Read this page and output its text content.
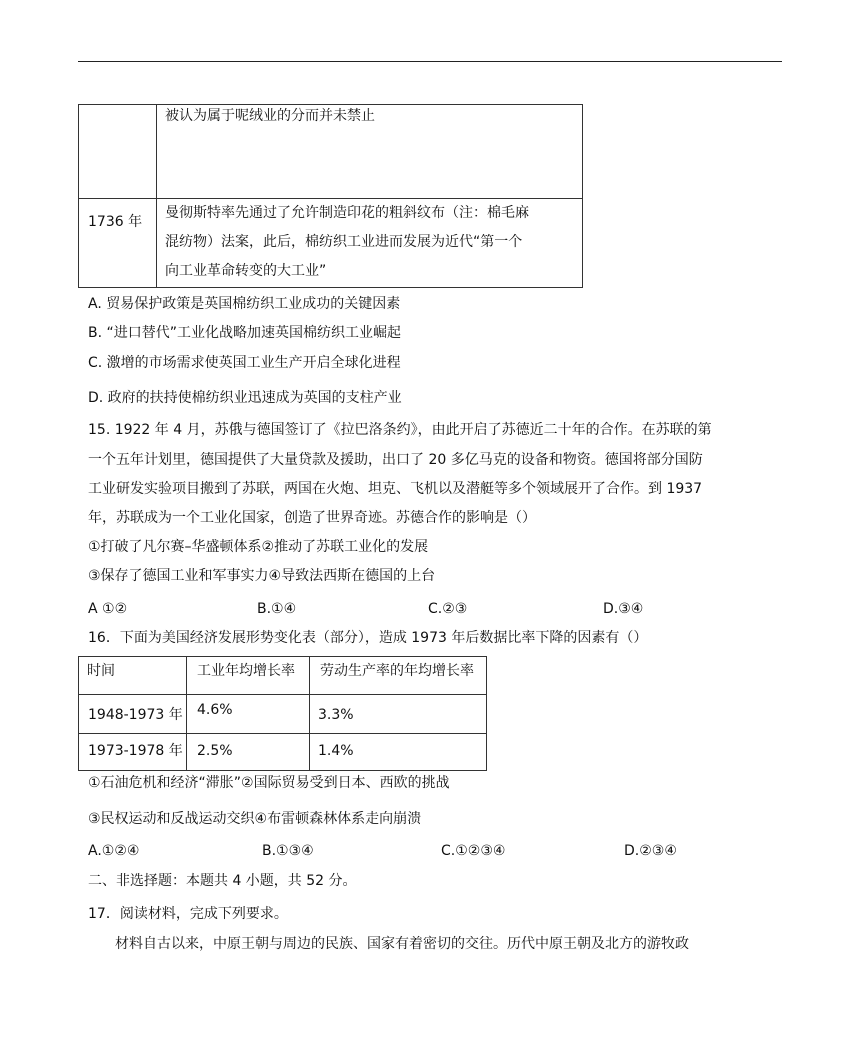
	被认为属于呢绒业的分而并未禁止

1736 年	曼彻斯特率先通过了允许制造印花的粗斜纹布（注：棉毛麻
混纺物）法案，此后，棉纺织工业进而发展为近代“第一个
向工业革命转变的大工业”
A. 贸易保护政策是英国棉纺织工业成功的关键因素
B. “进口替代”工业化战略加速英国棉纺织工业崛起
C. 激增的市场需求使英国工业生产开启全球化进程
D. 政府的扶持使棉纺织业迅速成为英国的支柱产业
15. 1922 年 4 月，苏俄与德国签订了《拉巴洛条约》，由此开启了苏德近二十年的合作。在苏联的第
一个五年计划里，德国提供了大量贷款及援助，出口了 20 多亿马克的设备和物资。德国将部分国防
工业研发实验项目搬到了苏联，两国在火炮、坦克、飞机以及潜艇等多个领域展开了合作。到 1937
年，苏联成为一个工业化国家，创造了世界奇迹。苏德合作的影响是（）
①打破了凡尔赛–华盛顿体系②推动了苏联工业化的发展
③保存了德国工业和军事实力④导致法西斯在德国的上台
A ①②	B.①④	C.②③	D.③④
16．下面为美国经济发展形势变化表（部分），造成 1973 年后数据比率下降的因素有（）
时间	工业年均增长率	劳动生产率的年均增长率

1948-1973 年	4.6%	3.3%

1973-1978 年	2.5%	1.4%
①石油危机和经济“滞胀”②国际贸易受到日本、西欧的挑战
③民权运动和反战运动交织④布雷顿森林体系走向崩溃
A.①②④	B.①③④	C.①②③④	D.②③④
二、非选择题：本题共 4 小题，共 52 分。
17．阅读材料，完成下列要求。
材料自古以来，中原王朝与周边的民族、国家有着密切的交往。历代中原王朝及北方的游牧政
